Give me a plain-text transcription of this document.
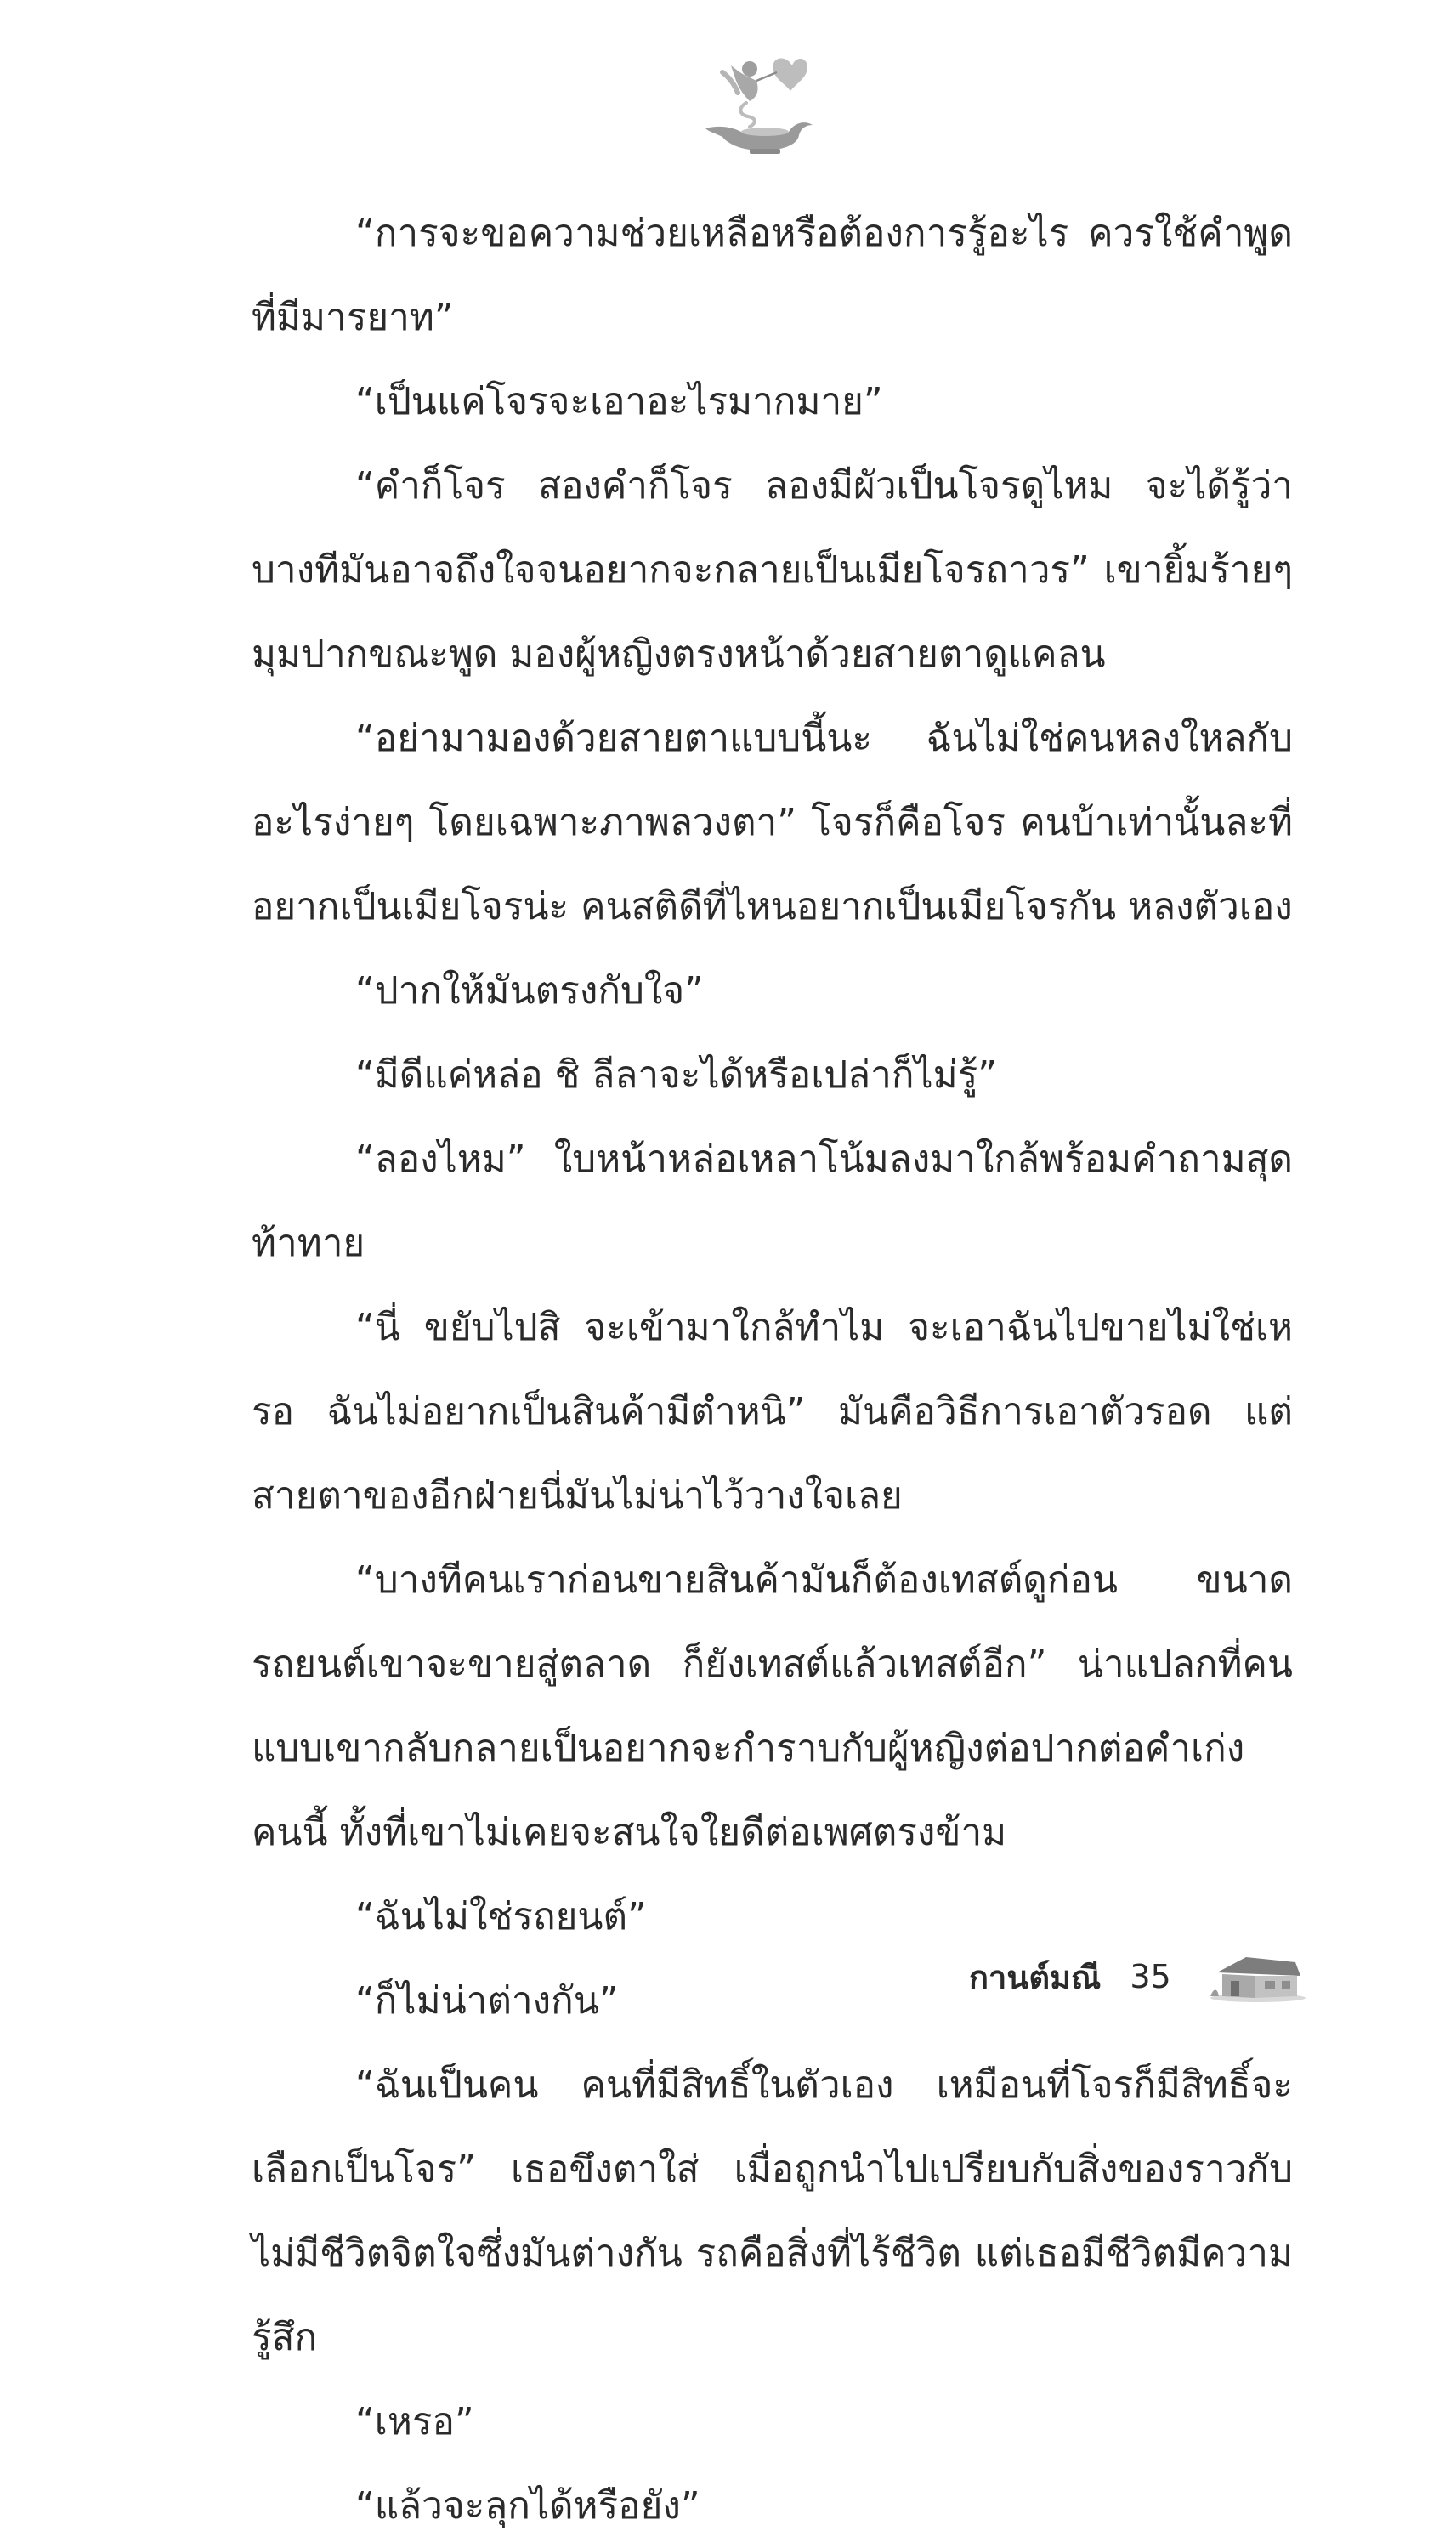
“การจะขอความช่วยเหลือหรือต้องการรู้อะไร ควรใช้คำพูดที่มีมารยาท”

“เป็นแค่โจรจะเอาอะไรมากมาย”

“คำก็โจร สองคำก็โจร ลองมีผัวเป็นโจรดูไหม จะได้รู้ว่าบางทีมันอาจถึงใจจนอยากจะกลายเป็นเมียโจรถาวร” เขายิ้มร้ายๆ มุมปากขณะพูด มองผู้หญิงตรงหน้าด้วยสายตาดูแคลน

“อย่ามามองด้วยสายตาแบบนี้นะ ฉันไม่ใช่คนหลงใหลกับอะไรง่ายๆ โดยเฉพาะภาพลวงตา” โจรก็คือโจร คนบ้าเท่านั้นละที่อยากเป็นเมียโจรน่ะ คนสติดีที่ไหนอยากเป็นเมียโจรกัน หลงตัวเอง

“ปากให้มันตรงกับใจ”

“มีดีแค่หล่อ ชิ ลีลาจะได้หรือเปล่าก็ไม่รู้”

“ลองไหม” ใบหน้าหล่อเหลาโน้มลงมาใกล้พร้อมคำถามสุดท้าทาย

“นี่ ขยับไปสิ จะเข้ามาใกล้ทำไม จะเอาฉันไปขายไม่ใช่เหรอ ฉันไม่อยากเป็นสินค้ามีตำหนิ” มันคือวิธีการเอาตัวรอด แต่สายตาของอีกฝ่ายนี่มันไม่น่าไว้วางใจเลย

“บางทีคนเราก่อนขายสินค้ามันก็ต้องเทสต์ดูก่อน ขนาดรถยนต์เขาจะขายสู่ตลาด ก็ยังเทสต์แล้วเทสต์อีก” น่าแปลกที่คนแบบเขากลับกลายเป็นอยากจะกำราบกับผู้หญิงต่อปากต่อคำเก่งคนนี้ ทั้งที่เขาไม่เคยจะสนใจใยดีต่อเพศตรงข้าม

“ฉันไม่ใช่รถยนต์”

“ก็ไม่น่าต่างกัน”

“ฉันเป็นคน คนที่มีสิทธิ์ในตัวเอง เหมือนที่โจรก็มีสิทธิ์จะเลือกเป็นโจร” เธอขึงตาใส่ เมื่อถูกนำไปเปรียบกับสิ่งของราวกับไม่มีชีวิตจิตใจซึ่งมันต่างกัน รถคือสิ่งที่ไร้ชีวิต แต่เธอมีชีวิตมีความรู้สึก

“เหรอ”

“แล้วจะลุกได้หรือยัง”

กานต์มณี 35
